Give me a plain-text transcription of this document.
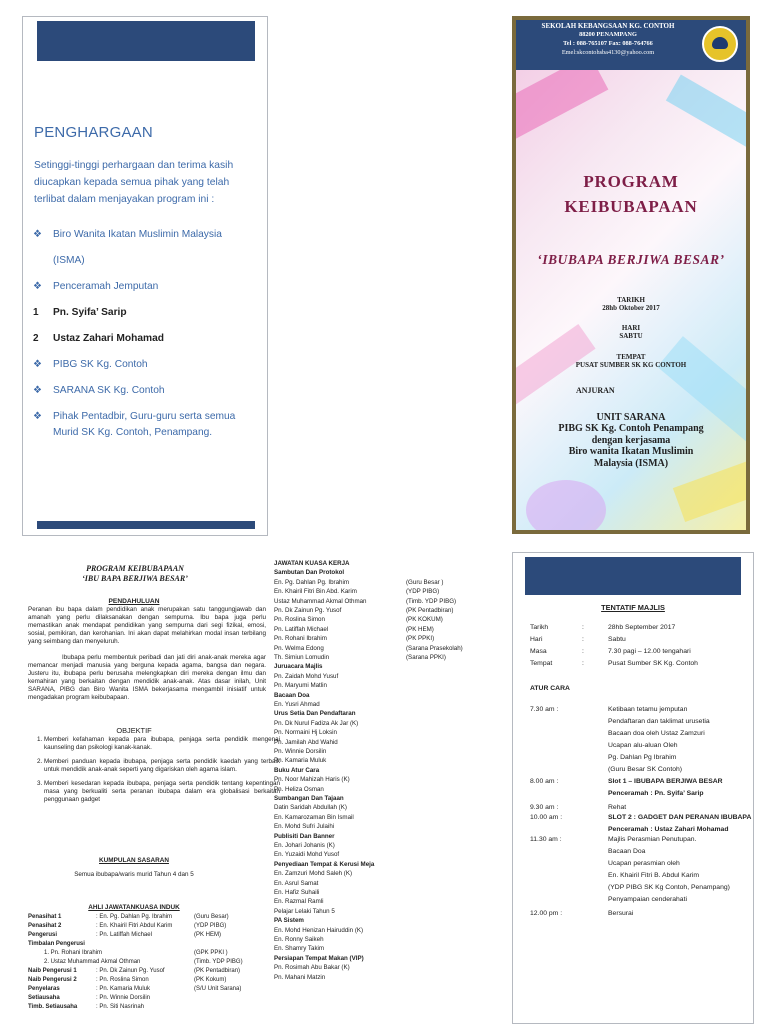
PENGHARGAAN
Setinggi-tinggi perhargaan dan terima kasih diucapkan kepada semua pihak yang telah terlibat dalam menjayakan program ini :
❖	Biro Wanita Ikatan Muslimin Malaysia
(ISMA)
❖	Penceramah Jemputan
1	Pn. Syifa’ Sarip
2	Ustaz Zahari Mohamad
❖	PIBG SK Kg. Contoh
❖	SARANA SK Kg. Contoh
❖	Pihak Pentadbir, Guru-guru serta semua Murid SK Kg. Contoh, Penampang.
SEKOLAH KEBANGSAAN KG. CONTOH
88200 PENAMPANG
Tel : 088-765107 Fax: 088-764766
Emel:skcontohsba4130@yahoo.com
PROGRAM
KEIBUBAPAAN
‘IBUBAPA BERJIWA BESAR’
TARIKH
28hb Oktober 2017
HARI
SABTU
TEMPAT
PUSAT SUMBER SK KG CONTOH
ANJURAN
UNIT SARANA
PIBG SK Kg. Contoh Penampang
dengan kerjasama
Biro wanita Ikatan Muslimin
Malaysia (ISMA)
PROGRAM KEIBUBAPAAN
‘IBU BAPA BERJIWA BESAR’
PENDAHULUAN
Peranan ibu bapa dalam pendidikan anak merupakan satu tanggungjawab dan amanah yang perlu dilaksanakan dengan sempurna. Ibu bapa juga perlu memastikan anak mendapat pendidikan yang sempurna dari segi fizikal, emosi, sosial, pemikiran, dan kerohanian. Ini akan dapat melahirkan modal insan terbilang yang seimbang dan menyeluruh.
Ibubapa perlu membentuk peribadi dan jati diri anak-anak mereka agar memancar menjadi manusia yang berguna kepada agama, bangsa dan negara. Justeru itu, ibubapa perlu berusaha melengkapkan diri mereka dengan ilmu dan kemahiran yang berkaitan dengan mendidik anak-anak. Atas dasar inilah, Unit SARANA, PIBG dan Biro Wanita ISMA bekerjasama mengambil inisiatif untuk mengadakan program keibubapaan.
OBJEKTIF
1. Memberi kefahaman kepada para ibubapa, penjaga serta pendidik mengenai kaunseling dan psikologi kanak-kanak.
2. Memberi panduan kepada ibubapa, penjaga serta pendidik kaedah yang terbaik untuk mendidik anak-anak seperti yang digariskan oleh agama islam.
3. Memberi kesedaran kepada ibubapa, penjaga serta pendidik tentang kepentingan masa yang berkualiti serta peranan ibubapa dalam era globalisasi berkaitan penggunaan gadget
KUMPULAN SASARAN
Semua ibubapa/waris murid Tahun 4 dan 5
AHLI JAWATANKUASA INDUK
Penasihat 1	: En. Pg. Dahlan Pg. Ibrahim	(Guru Besar)
Penasihat 2	: En. Khairil Fitri Abdul Karim	(YDP PIBG)
Pengerusi	: Pn. Latiffah Michael	(PK HEM)
Timbalan Pengerusi		
1. Pn. Rohani Ibrahim		(GPK PPKI )
2. Ustaz Muhammad Akmal Othman		(Timb. YDP PIBG)
Naib Pengerusi 1	: Pn. Dk Zainun Pg. Yusof	(PK Pentadbiran)
Naib Pengerusi 2	: Pn. Roslina Simon	(PK Kokum)
Penyelaras	: Pn. Kamaria Muluk	(S/U Unit Sarana)
Setiausaha	: Pn. Winnie Dorsilin	
Timb. Setiausaha	: Pn. Siti Nasrinah	
JAWATAN KUASA KERJA
Sambutan Dan Protokol
En. Pg. Dahlan Pg. Ibrahim	(Guru Besar )
En. Khairil Fitri Bin Abd. Karim	(YDP PIBG)
Ustaz Muhammad Akmal Othman	(Timb. YDP PIBG)
Pn. Dk Zainun Pg. Yusof	(PK Pentadbiran)
Pn. Roslina Simon	(PK KOKUM)
Pn. Latiffah Michael	(PK HEM)
Pn. Rohani Ibrahim	(PK PPKI)
Pn. Welma Edong	(Sarana Prasekolah)
Th. Simiun Lomudin	(Sarana PPKI)
Juruacara Majlis
Pn. Zaidah Mohd Yusuf
Pn. Maryumi Matlin
Bacaan Doa
En. Yusri Ahmad
Urus Setia Dan Pendaftaran
Pn. Dk Nurul Fadiza Ak Jar (K)
Pn. Normaini Hj Loksin
Pn. Jamilah Abd Wahid
Pn. Winnie Dorsilin
Pn. Kamaria Muluk
Buku Atur Cara
Pn. Noor Mahizah Haris (K)
Pn. Heliza Osman
Sumbangan Dan Tajaan
Datin Saridah Abdullah (K)
En. Kamarozaman Bin Ismail
En. Mohd Sufri Julaihi
Publisiti Dan Banner
En. Johari Johanis (K)
En. Yuzaidi Mohd Yusof
Penyediaan Tempat & Kerusi Meja
En. Zamzuri Mohd Saleh (K)
En. Asrul Samat
En. Hafiz Suhaili
En. Razmal Ramli
Pelajar Lelaki Tahun 5
PA Sistem
En. Mohd Henizan Hairuddin (K)
En. Ronny Saikeh
En. Shamry Takim
Persiapan Tempat Makan (VIP)
Pn. Rosimah Abu Bakar (K)
Pn. Mahani Matzin
TENTATIF MAJLIS
Tarikh	:	28hb September 2017
Hari	:	Sabtu
Masa	:	7.30 pagi – 12.00 tengahari
Tempat	:	Pusat Sumber SK Kg. Contoh
ATUR CARA
7.30 am :	Ketibaan tetamu jemputan
Pendaftaran dan taklimat urusetia
Bacaan doa oleh Ustaz Zamzuri
Ucapan alu-aluan Oleh
Pg. Dahlan Pg Ibrahim
(Guru Besar SK Contoh)
8.00 am :	Slot 1 – IBUBAPA BERJIWA BESAR
Penceramah : Pn. Syifa’ Sarip
9.30 am :	Rehat
10.00 am :	SLOT 2 : GADGET DAN PERANAN IBUBAPA
Penceramah : Ustaz Zahari Mohamad
11.30 am :	Majlis Perasmian Penutupan.
Bacaan Doa
Ucapan perasmian oleh
En. Khairil Fitri B. Abdul Karim
(YDP PIBG SK Kg Contoh, Penampang)
Penyampaian cenderahati
12.00 pm :	Bersurai
